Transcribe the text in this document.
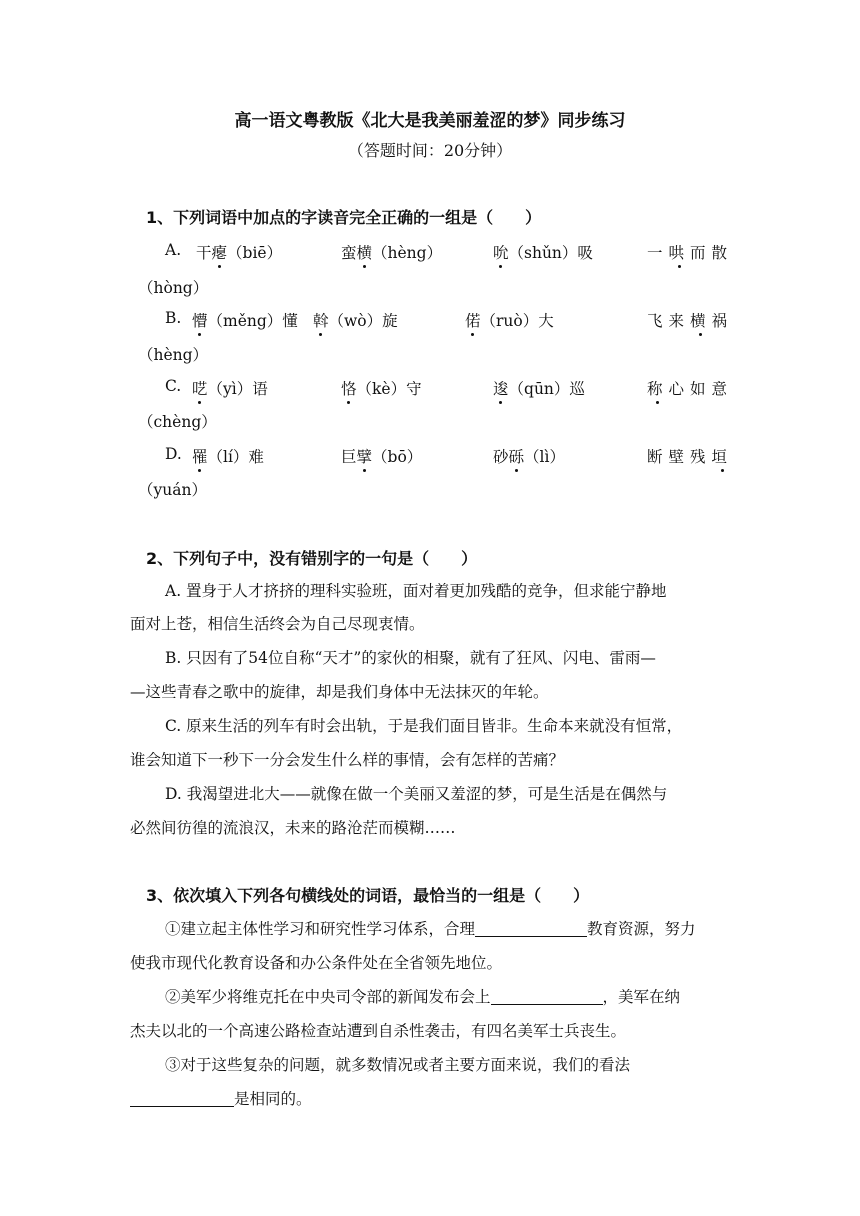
高一语文粤教版《北大是我美丽羞涩的梦》同步练习
（答题时间：20分钟）
1、下列词语中加点的字读音完全正确的一组是（　　）
A. 干瘪（biē）	蛮横（hèng）	吮（shǔn）吸	一哄而散
（hòng）
B. 懵（měng）懂 斡（wò）旋	偌（ruò）大	飞来横祸
（hèng）
C. 呓（yì）语	恪（kè）守	逡（qūn）巡	称心如意
（chèng）
D. 罹（lí）难	巨擘（bō）	砂砾（lì）	断壁残垣
（yuán）
2、下列句子中，没有错别字的一句是（　　）
A. 置身于人才挤挤的理科实验班，面对着更加残酷的竞争，但求能宁静地
面对上苍，相信生活终会为自己尽现衷情。
B. 只因有了54位自称“天才”的家伙的相聚，就有了狂风、闪电、雷雨—
—这些青春之歌中的旋律，却是我们身体中无法抹灭的年轮。
C. 原来生活的列车有时会出轨，于是我们面目皆非。生命本来就没有恒常，
谁会知道下一秒下一分会发生什么样的事情，会有怎样的苦痛？
D. 我渴望进北大——就像在做一个美丽又羞涩的梦，可是生活是在偶然与
必然间彷徨的流浪汉，未来的路沧茫而模糊……
3、依次填入下列各句横线处的词语，最恰当的一组是（　　）
①建立起主体性学习和研究性学习体系，合理	教育资源，努力
使我市现代化教育设备和办公条件处在全省领先地位。
②美军少将维克托在中央司令部的新闻发布会上	，美军在纳
杰夫以北的一个高速公路检查站遭到自杀性袭击，有四名美军士兵丧生。
③对于这些复杂的问题，就多数情况或者主要方面来说，我们的看法
是相同的。
